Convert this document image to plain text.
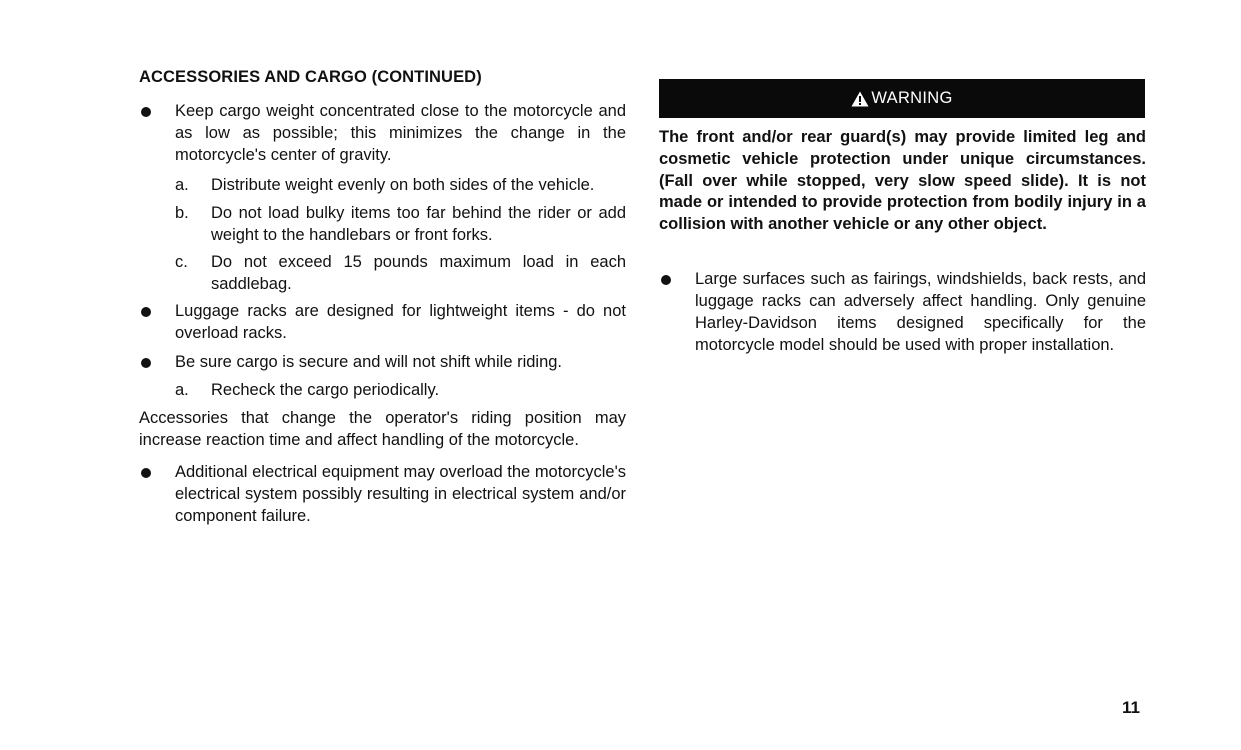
ACCESSORIES AND CARGO (CONTINUED)
Keep cargo weight concentrated close to the motorcycle and as low as possible; this minimizes the change in the motorcycle's center of gravity.
a. Distribute weight evenly on both sides of the vehicle.
b. Do not load bulky items too far behind the rider or add weight to the handlebars or front forks.
c. Do not exceed 15 pounds maximum load in each saddlebag.
Luggage racks are designed for lightweight items - do not overload racks.
Be sure cargo is secure and will not shift while riding.
a. Recheck the cargo periodically.
Accessories that change the operator's riding position may increase reaction time and affect handling of the motorcycle.
Additional electrical equipment may overload the motorcycle's electrical system possibly resulting in electrical system and/or component failure.
WARNING
The front and/or rear guard(s) may provide limited leg and cosmetic vehicle protection under unique circumstances. (Fall over while stopped, very slow speed slide). It is not made or intended to provide protection from bodily injury in a collision with another vehicle or any other object.
Large surfaces such as fairings, windshields, back rests, and luggage racks can adversely affect handling. Only genuine Harley-Davidson items designed specifically for the motorcycle model should be used with proper installation.
11
